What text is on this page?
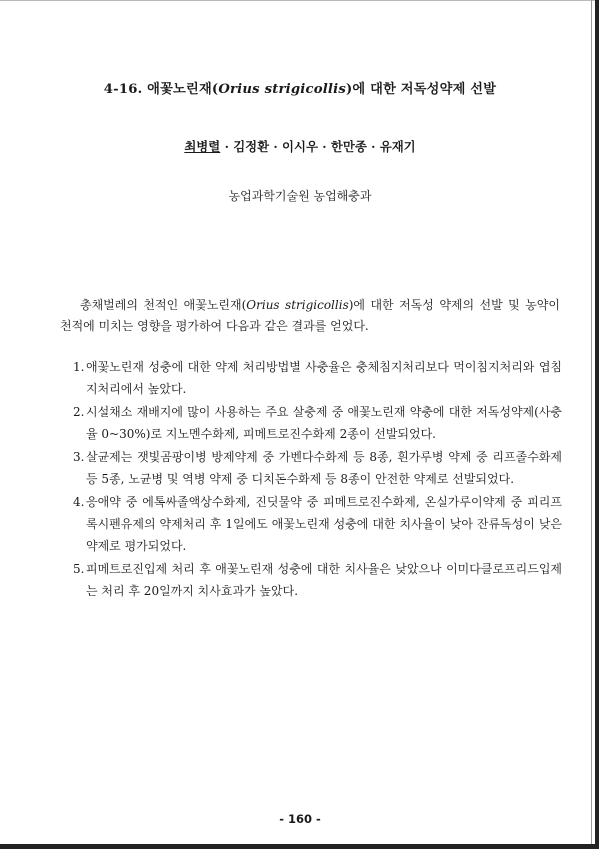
4-16. 애꽃노린재(Orius strigicollis)에 대한 저독성약제 선발
최병렬 · 김정환 · 이시우 · 한만종 · 유재기
농업과학기술원 농업해충과
총채벌레의 천적인 애꽃노린재(Orius strigicollis)에 대한 저독성 약제의 선발 및 농약이 천적에 미치는 영향을 평가하여 다음과 같은 결과를 얻었다.
1. 애꽃노린재 성충에 대한 약제 처리방법별 사충율은 충체침지처리보다 먹이침지처리와 엽침지처리에서 높았다.
2. 시설채소 재배지에 많이 사용하는 주요 살충제 중 애꽃노린재 약충에 대한 저독성약제(사충율 0~30%)로 지노멘수화제, 피메트로진수화제 2종이 선발되었다.
3. 살균제는 잿빛곰팡이병 방제약제 중 가벤다수화제 등 8종, 흰가루병 약제 중 리프졸수화제 등 5종, 노균병 및 역병 약제 중 디치돈수화제 등 8종이 안전한 약제로 선발되었다.
4. 응애약 중 에톡싸졸액상수화제, 진딧물약 중 피메트로진수화제, 온실가루이약제 중 피리프록시펜유제의 약제처리 후 1일에도 애꽃노린재 성충에 대한 치사율이 낮아 잔류독성이 낮은 약제로 평가되었다.
5. 피메트로진입제 처리 후 애꽃노린재 성충에 대한 치사율은 낮았으나 이미다클로프리드입제는 처리 후 20일까지 치사효과가 높았다.
- 160 -
